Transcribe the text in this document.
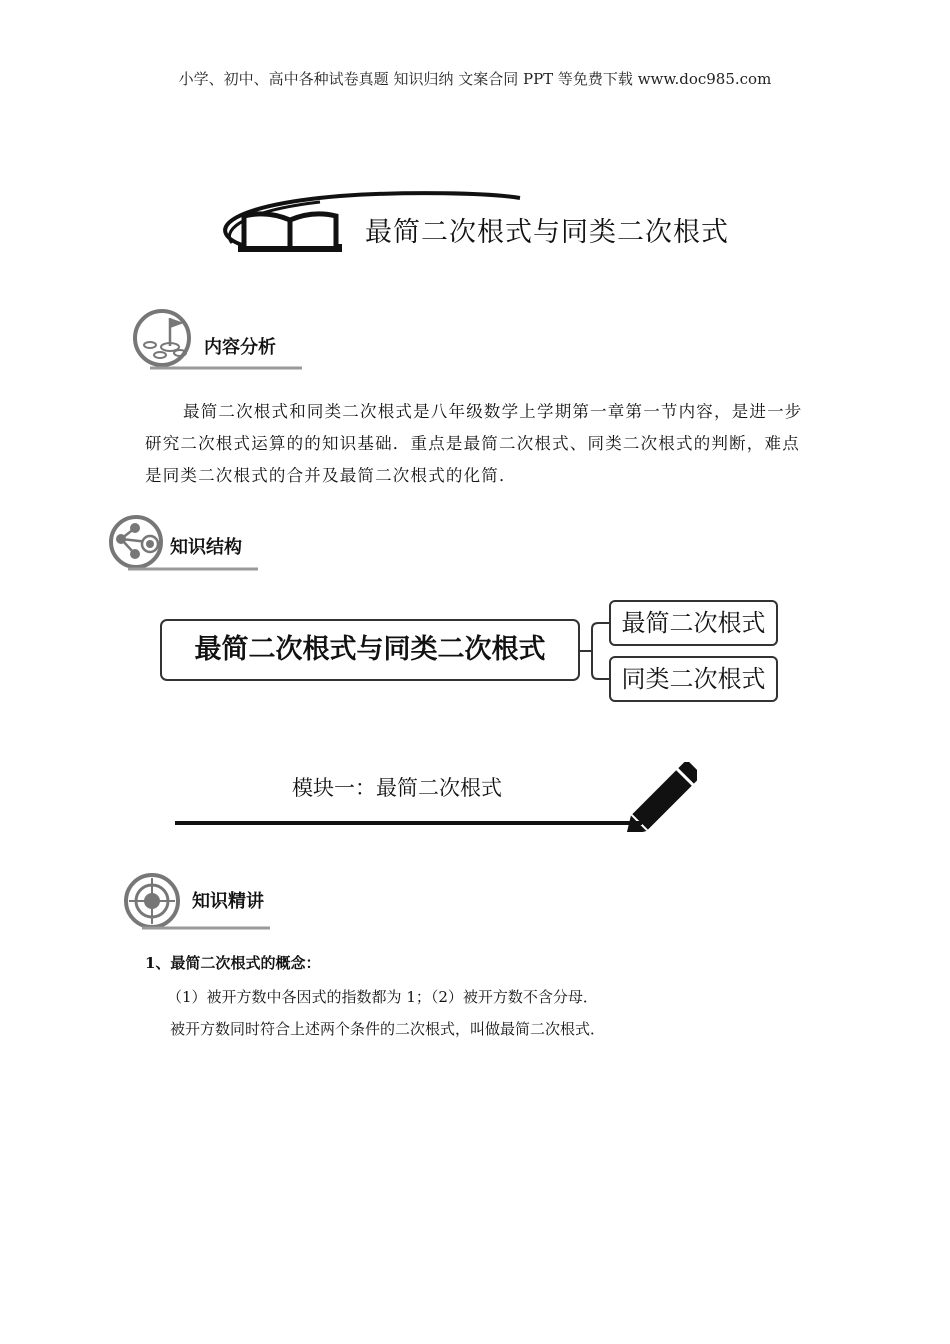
小学、初中、高中各种试卷真题 知识归纳 文案合同 PPT 等免费下载 www.doc985.com
最简二次根式与同类二次根式
内容分析
最简二次根式和同类二次根式是八年级数学上学期第一章第一节内容，是进一步研究二次根式运算的的知识基础．重点是最简二次根式、同类二次根式的判断，难点是同类二次根式的合并及最简二次根式的化简．
知识结构
最简二次根式与同类二次根式
最简二次根式
同类二次根式
模块一：最简二次根式
知识精讲
1、最简二次根式的概念：
（1）被开方数中各因式的指数都为 1；（2）被开方数不含分母．
被开方数同时符合上述两个条件的二次根式，叫做最简二次根式．
